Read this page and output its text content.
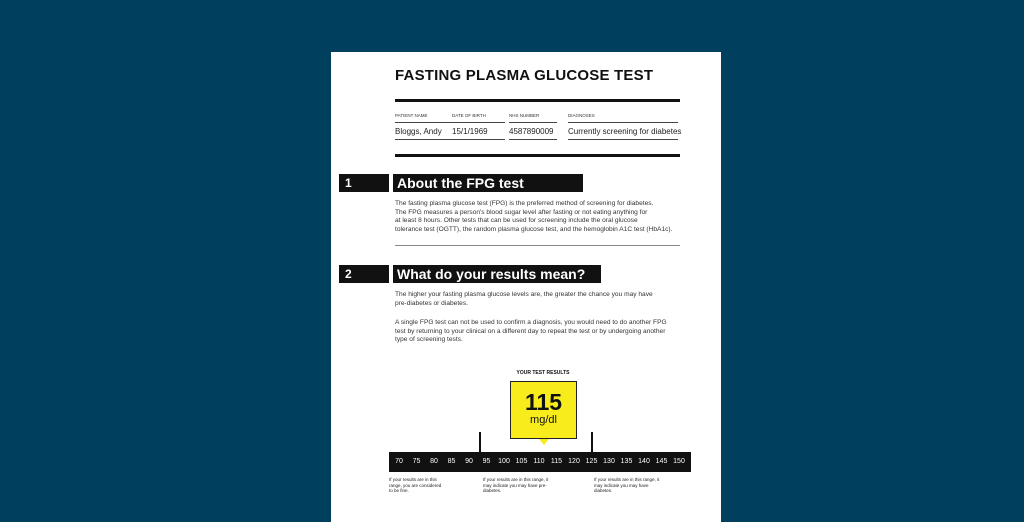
FASTING PLASMA GLUCOSE TEST
PATIENT NAME	DATE OF BIRTH	NHS NUMBER	DIAGNOSES
Bloggs, Andy 15/1/1969	4587890009 Currently screening for diabetes
1	About the FPG test
The fasting plasma glucose test (FPG) is the preferred method of screening for diabetes.
The FPG measures a person's blood sugar level after fasting or not eating anything for
at least 8 hours. Other tests that can be used for screening include the oral glucose
tolerance test (OGTT), the random plasma glucose test, and the hemoglobin A1C test (HbA1c).
2	What do your results mean?
The higher your fasting plasma glucose levels are, the greater the chance you may have
pre-diabetes or diabetes.
A single FPG test can not be used to confirm a diagnosis, you would need to do another FPG
test by returning to your clinical on a different day to repeat the test or by undergoing another
type of screening tests.
YOUR TEST RESULTS
115
mg/dl
70 75 80 85 90 95 100 105 110 115 120 125 130 135 140 145 150
If your results are in this
range, you are considered
to be fine.
If your results are in this range, it
may indicate you may have pre-
diabetes.
If your results are in this range, it
may indicate you may have
diabetes.
